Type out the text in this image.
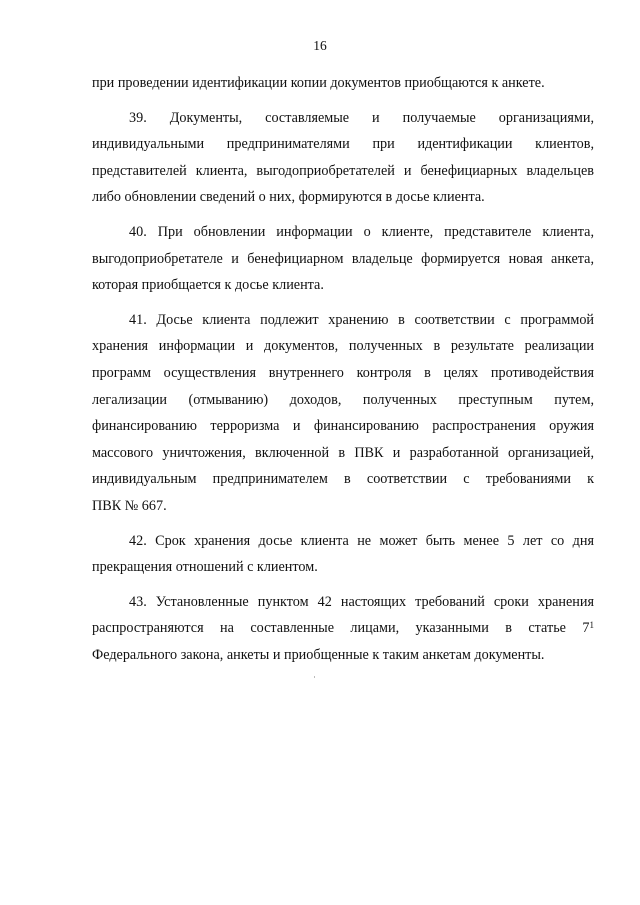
16
при проведении идентификации копии документов приобщаются к анкете.
39. Документы, составляемые и получаемые организациями,
индивидуальными предпринимателями при идентификации клиентов,
представителей клиента, выгодоприобретателей и бенефициарных владельцев
либо обновлении сведений о них, формируются в досье клиента.
40. При обновлении информации о клиенте, представителе клиента,
выгодоприобретателе и бенефициарном владельце формируется новая анкета,
которая приобщается к досье клиента.
41. Досье клиента подлежит хранению в соответствии с программой
хранения информации и документов, полученных в результате реализации
программ осуществления внутреннего контроля в целях противодействия
легализации (отмыванию) доходов, полученных преступным путем,
финансированию терроризма и финансированию распространения оружия
массового уничтожения, включенной в ПВК и разработанной организацией,
индивидуальным предпринимателем в соответствии с требованиями к
ПВК № 667.
42. Срок хранения досье клиента не может быть менее 5 лет со дня
прекращения отношений с клиентом.
43. Установленные пунктом 42 настоящих требований сроки хранения
распространяются на составленные лицами, указанными в статье 7$^1$
Федерального закона, анкеты и приобщенные к таким анкетам документы.
